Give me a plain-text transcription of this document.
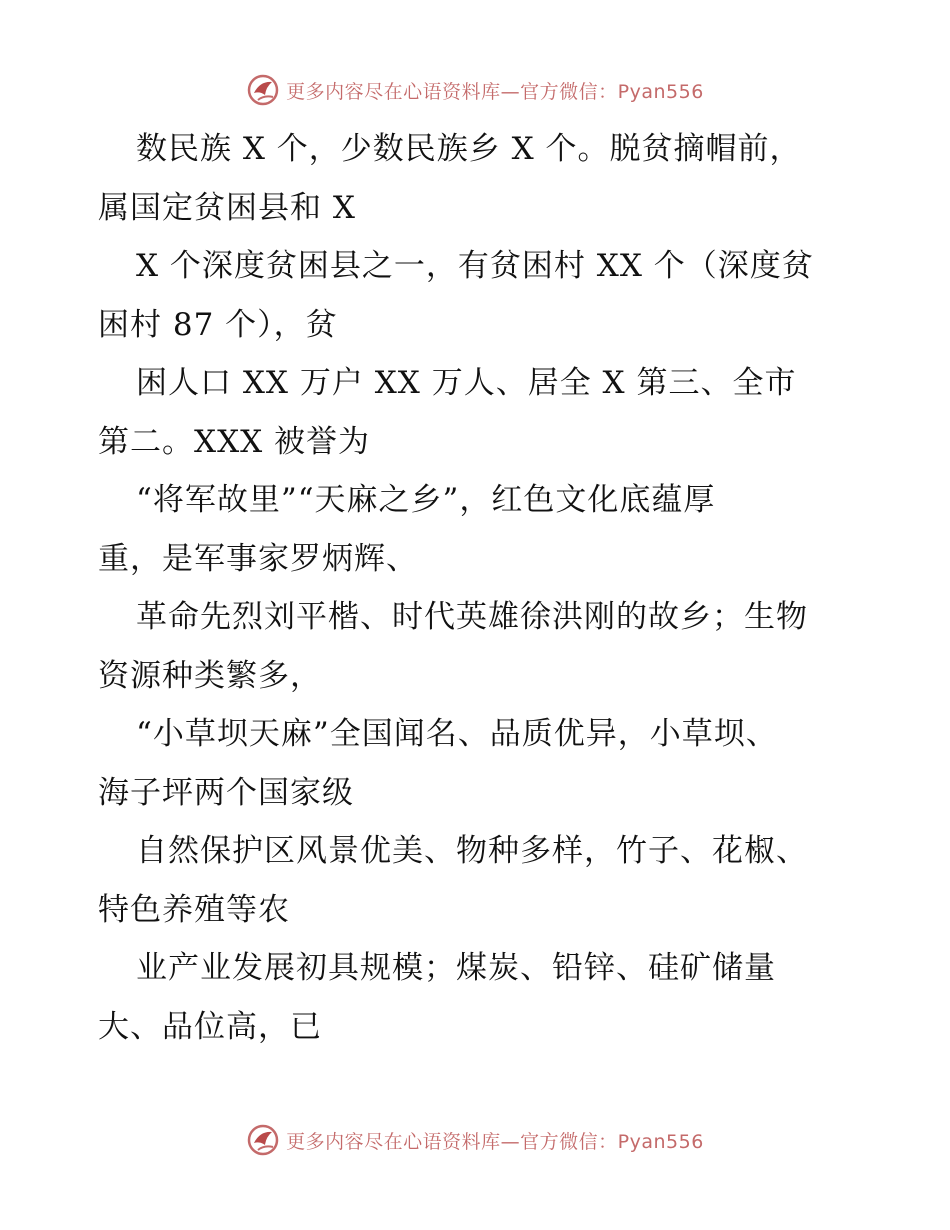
更多内容尽在心语资料库—官方微信：Pyan556
数民族 X 个，少数民族乡 X 个。脱贫摘帽前，
属国定贫困县和 X
X 个深度贫困县之一，有贫困村 XX 个（深度贫
困村 87 个），贫
困人口 XX 万户 XX 万人、居全 X 第三、全市
第二。XXX 被誉为
“将军故里”“天麻之乡”，红色文化底蕴厚
重，是军事家罗炳辉、
革命先烈刘平楷、时代英雄徐洪刚的故乡；生物
资源种类繁多，
“小草坝天麻”全国闻名、品质优异，小草坝、
海子坪两个国家级
自然保护区风景优美、物种多样，竹子、花椒、
特色养殖等农
业产业发展初具规模；煤炭、铅锌、硅矿储量
大、品位高，已
更多内容尽在心语资料库—官方微信：Pyan556
